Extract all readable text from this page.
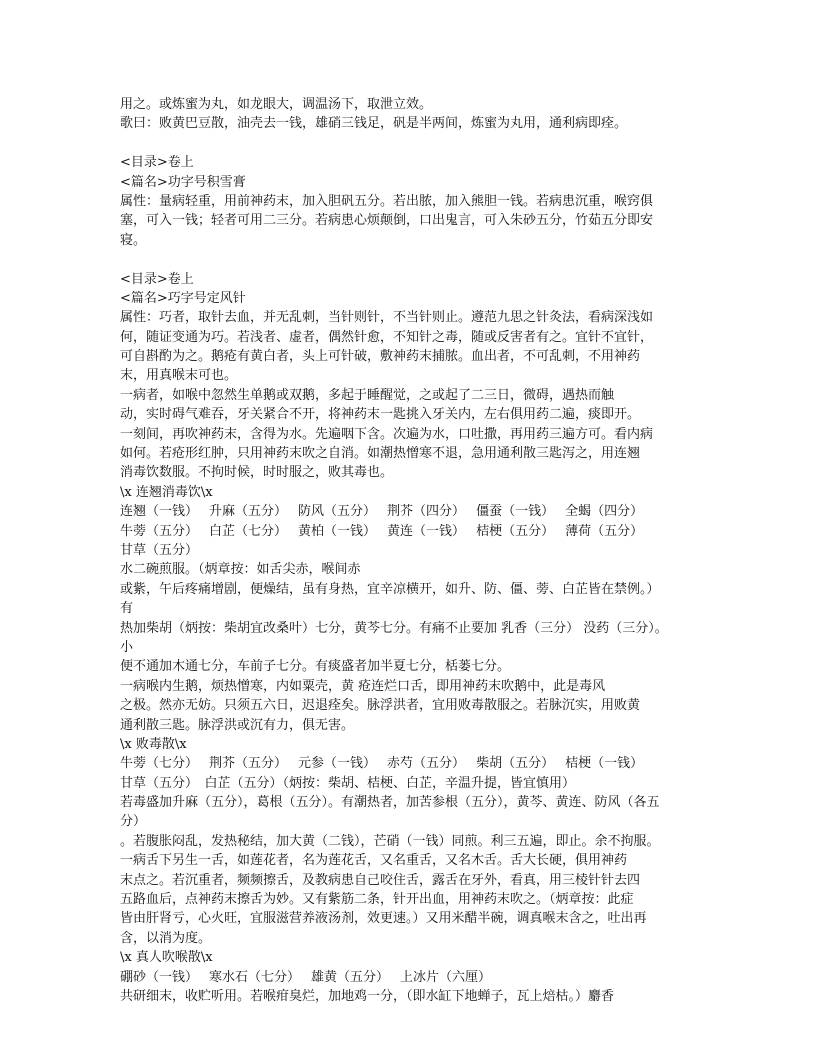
用之。或炼蜜为丸，如龙眼大，调温汤下，取泄立效。
歌曰：败黄巴豆散，油壳去一钱，雄硝三钱足，矾是半两间，炼蜜为丸用，通利病即痊。
<目录>卷上
<篇名>功字号积雪膏
属性：量病轻重，用前神药末，加入胆矾五分。若出脓，加入熊胆一钱。若病患沉重，喉窍俱
塞，可入一钱；轻者可用二三分。若病患心烦颠倒，口出鬼言，可入朱砂五分，竹茹五分即安
寝。
<目录>卷上
<篇名>巧字号定风针
属性：巧者，取针去血，并无乱刺，当针则针，不当针则止。遵范九思之针灸法，看病深浅如
何，随证变通为巧。若浅者、虚者，偶然针愈，不知针之毒，随或反害者有之。宜针不宜针，
可自斟酌为之。鹅疮有黄白者，头上可针破，敷神药末捕脓。血出者，不可乱刺，不用神药
末，用真喉末可也。
一病者，如喉中忽然生单鹅或双鹅，多起于睡醒觉，之或起了二三日，微碍，遇热而触
动，实时碍气难吞，牙关紧合不开，将神药末一匙挑入牙关内，左右俱用药二遍，痰即开。
一刻间，再吹神药末，含得为水。先遍咽下含。次遍为水，口吐撒，再用药三遍方可。看内病
如何。若疮形红肿，只用神药末吹之自消。如潮热憎寒不退，急用通利散三匙泻之，用连翘
消毒饮数服。不拘时候，时时服之，败其毒也。
\x 连翘消毒饮\x
连翘（一钱） 升麻（五分） 防风（五分） 荆芥（四分） 僵蚕（一钱） 全蝎（四分）
牛蒡（五分） 白芷（七分） 黄柏（一钱） 黄连（一钱） 桔梗（五分） 薄荷（五分）
甘草（五分）
水二碗煎服。（炳章按：如舌尖赤，喉间赤
或紫，午后疼痛增剧，便燥结，虽有身热，宜辛凉横开，如升、防、僵、蒡、白芷皆在禁例。）
有
热加柴胡（炳按：柴胡宜改桑叶）七分，黄芩七分。有痛不止要加 乳香（三分） 没药（三分）。
小
便不通加木通七分，车前子七分。有痰盛者加半夏七分，栝蒌七分。
一病喉内生鹅，烦热憎寒，内如粟壳，黄 疮连烂口舌，即用神药末吹鹅中，此是毒风
之极。然亦无妨。只须五六日，迟退痊矣。脉浮洪者，宜用败毒散服之。若脉沉实，用败黄
通利散三匙。脉浮洪或沉有力，俱无害。
\x 败毒散\x
牛蒡（七分） 荆芥（五分） 元参（一钱） 赤芍（五分） 柴胡（五分） 桔梗（一钱）
甘草（五分）　白芷（五分）（炳按：柴胡、桔梗、白芷，辛温升提，皆宜慎用）
若毒盛加升麻（五分），葛根（五分）。有潮热者，加苦参根（五分），黄芩、黄连、防风（各五
分）
。若腹胀闷乱，发热秘结，加大黄（二钱），芒硝（一钱）同煎。利三五遍，即止。余不拘服。
一病舌下另生一舌，如莲花者，名为莲花舌，又名重舌，又名木舌。舌大长硬，俱用神药
末点之。若沉重者，频频擦舌，及教病患自己咬住舌，露舌在牙外，看真，用三棱针针去四
五路血后，点神药末擦舌为妙。又有紫筋二条，针开出血，用神药末吹之。（炳章按：此症
皆由肝肾亏，心火旺，宜服滋营养液汤剂，效更速。）又用米醋半碗，调真喉末含之，吐出再
含，以消为度。
\x 真人吹喉散\x
硼砂（一钱） 寒水石（七分） 雄黄（五分） 上冰片（六厘）
共研细末，收贮听用。若喉疳臭烂，加地鸡一分，（即水缸下地蝉子，瓦上焙枯。）麝香
